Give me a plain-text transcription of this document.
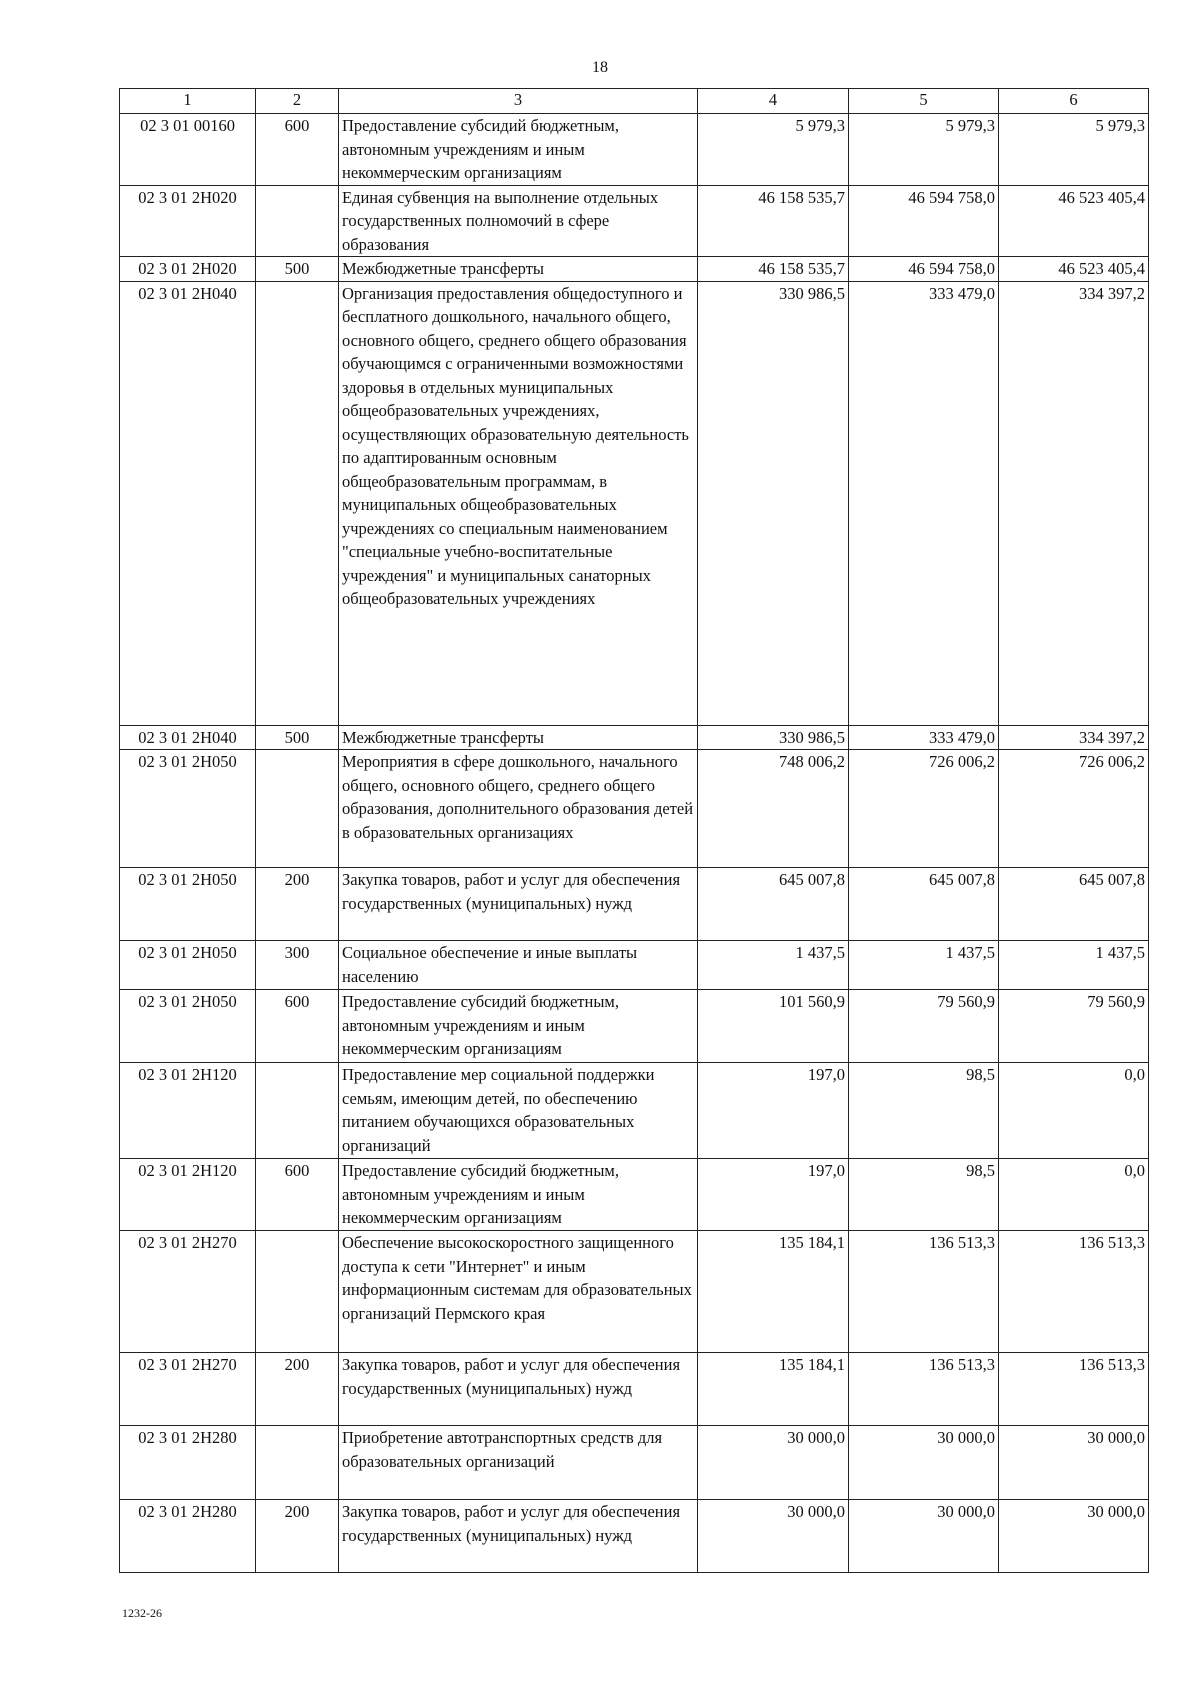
18
1	2	3	4	5	6
02 3 01 00160	600	Предоставление субсидий бюджетным, автономным учреждениям и иным некоммерческим организациям	5 979,3	5 979,3	5 979,3
02 3 01 2Н020		Единая субвенция на выполнение отдельных государственных полномочий в сфере образования	46 158 535,7	46 594 758,0	46 523 405,4
02 3 01 2Н020	500	Межбюджетные трансферты	46 158 535,7	46 594 758,0	46 523 405,4
02 3 01 2Н040		Организация предоставления общедоступного и бесплатного дошкольного, начального общего, основного общего, среднего общего образования обучающимся с ограниченными возможностями здоровья в отдельных муниципальных общеобразовательных учреждениях, осуществляющих образовательную деятельность по адаптированным основным общеобразовательным программам, в муниципальных общеобразовательных учреждениях со специальным наименованием "специальные учебно-воспитательные учреждения" и муниципальных санаторных общеобразовательных учреждениях	330 986,5	333 479,0	334 397,2
02 3 01 2Н040	500	Межбюджетные трансферты	330 986,5	333 479,0	334 397,2
02 3 01 2Н050		Мероприятия в сфере дошкольного, начального общего, основного общего, среднего общего образования, дополнительного образования детей в образовательных организациях	748 006,2	726 006,2	726 006,2
02 3 01 2Н050	200	Закупка товаров, работ и услуг для обеспечения государственных (муниципальных) нужд	645 007,8	645 007,8	645 007,8
02 3 01 2Н050	300	Социальное обеспечение и иные выплаты населению	1 437,5	1 437,5	1 437,5
02 3 01 2Н050	600	Предоставление субсидий бюджетным, автономным учреждениям и иным некоммерческим организациям	101 560,9	79 560,9	79 560,9
02 3 01 2Н120		Предоставление мер социальной поддержки семьям, имеющим детей, по обеспечению питанием обучающихся образовательных организаций	197,0	98,5	0,0
02 3 01 2Н120	600	Предоставление субсидий бюджетным, автономным учреждениям и иным некоммерческим организациям	197,0	98,5	0,0
02 3 01 2Н270		Обеспечение высокоскоростного защищенного доступа к сети "Интернет" и иным информационным системам для образовательных организаций Пермского края	135 184,1	136 513,3	136 513,3
02 3 01 2Н270	200	Закупка товаров, работ и услуг для обеспечения государственных (муниципальных) нужд	135 184,1	136 513,3	136 513,3
02 3 01 2Н280		Приобретение автотранспортных средств для образовательных организаций	30 000,0	30 000,0	30 000,0
02 3 01 2Н280	200	Закупка товаров, работ и услуг для обеспечения государственных (муниципальных) нужд	30 000,0	30 000,0	30 000,0
1232-26
